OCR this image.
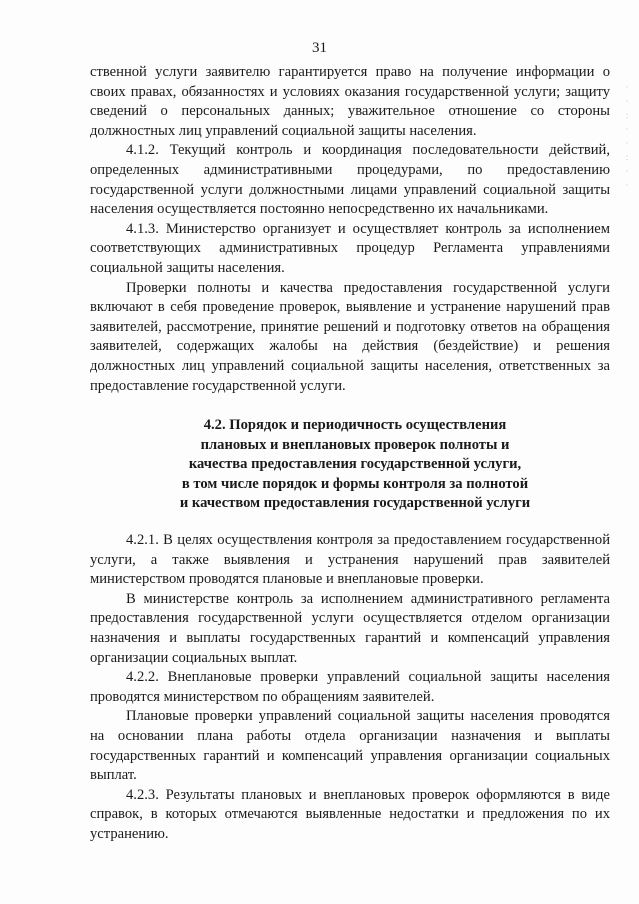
31

ственной услуги заявителю гарантируется право на получение информации о своих правах, обязанностях и условиях оказания государственной услуги; защиту сведений о персональных данных; уважительное отношение со стороны должностных лиц управлений социальной защиты населения.

4.1.2. Текущий контроль и координация последовательности действий, определенных административными процедурами, по предоставлению государственной услуги должностными лицами управлений социальной защиты населения осуществляется постоянно непосредственно их начальниками.

4.1.3. Министерство организует и осуществляет контроль за исполнением соответствующих административных процедур Регламента управлениями социальной защиты населения.

Проверки полноты и качества предоставления государственной услуги включают в себя проведение проверок, выявление и устранение нарушений прав заявителей, рассмотрение, принятие решений и подготовку ответов на обращения заявителей, содержащих жалобы на действия (бездействие) и решения должностных лиц управлений социальной защиты населения, ответственных за предоставление государственной услуги.

4.2. Порядок и периодичность осуществления
плановых и внеплановых проверок полноты и
качества предоставления государственной услуги,
в том числе порядок и формы контроля за полнотой
и качеством предоставления государственной услуги

4.2.1. В целях осуществления контроля за предоставлением государственной услуги, а также выявления и устранения нарушений прав заявителей министерством проводятся плановые и внеплановые проверки.

В министерстве контроль за исполнением административного регламента предоставления государственной услуги осуществляется отделом организации назначения и выплаты государственных гарантий и компенсаций управления организации социальных выплат.

4.2.2. Внеплановые проверки управлений социальной защиты населения проводятся министерством по обращениям заявителей.

Плановые проверки управлений социальной защиты населения проводятся на основании плана работы отдела организации назначения и выплаты государственных гарантий и компенсаций управления организации социальных выплат.

4.2.3. Результаты плановых и внеплановых проверок оформляются в виде справок, в которых отмечаются выявленные недостатки и предложения по их устранению.

·
·
:
·
·
:
·
·
